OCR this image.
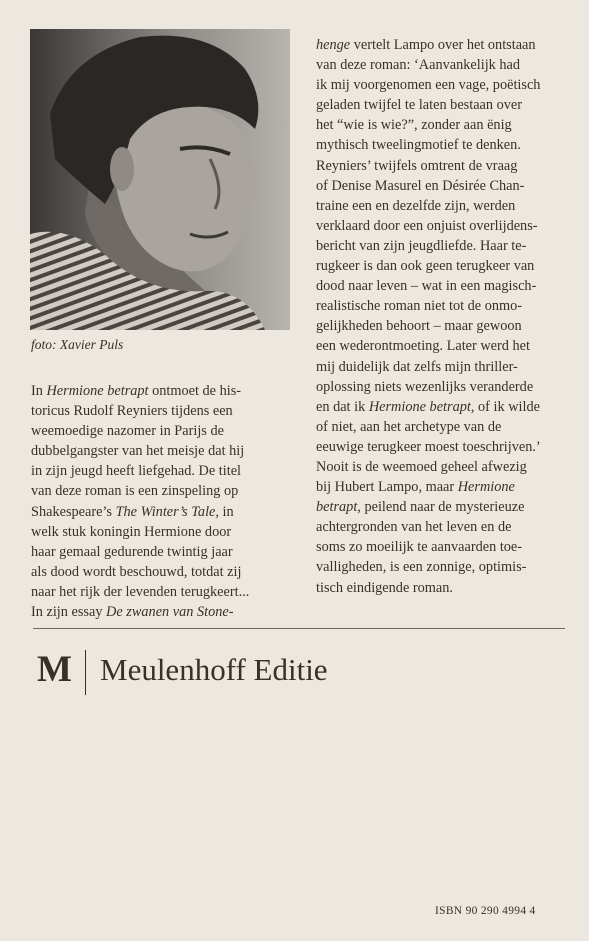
foto: Xavier Puls
In Hermione betrapt ontmoet de his-
toricus Rudolf Reyniers tijdens een
weemoedige nazomer in Parijs de
dubbelgangster van het meisje dat hij
in zijn jeugd heeft liefgehad. De titel
van deze roman is een zinspeling op
Shakespeare’s The Winter’s Tale, in
welk stuk koningin Hermione door
haar gemaal gedurende twintig jaar
als dood wordt beschouwd, totdat zij
naar het rijk der levenden terugkeert...
In zijn essay De zwanen van Stone-
henge vertelt Lampo over het ontstaan
van deze roman: ‘Aanvankelijk had
ik mij voorgenomen een vage, poëtisch
geladen twijfel te laten bestaan over
het “wie is wie?”, zonder aan ënig
mythisch tweelingmotief te denken.
Reyniers’ twijfels omtrent de vraag
of Denise Masurel en Désirée Chan-
traine een en dezelfde zijn, werden
verklaard door een onjuist overlijdens-
bericht van zijn jeugdliefde. Haar te-
rugkeer is dan ook geen terugkeer van
dood naar leven – wat in een magisch-
realistische roman niet tot de onmo-
gelijkheden behoort – maar gewoon
een wederontmoeting. Later werd het
mij duidelijk dat zelfs mijn thriller-
oplossing niets wezenlijks veranderde
en dat ik Hermione betrapt, of ik wilde
of niet, aan het archetype van de
eeuwige terugkeer moest toeschrijven.’
Nooit is de weemoed geheel afwezig
bij Hubert Lampo, maar Hermione
betrapt, peilend naar de mysterieuze
achtergronden van het leven en de
soms zo moeilijk te aanvaarden toe-
valligheden, is een zonnige, optimis-
tisch eindigende roman.
M Meulenhoff Editie
ISBN 90 290 4994 4
